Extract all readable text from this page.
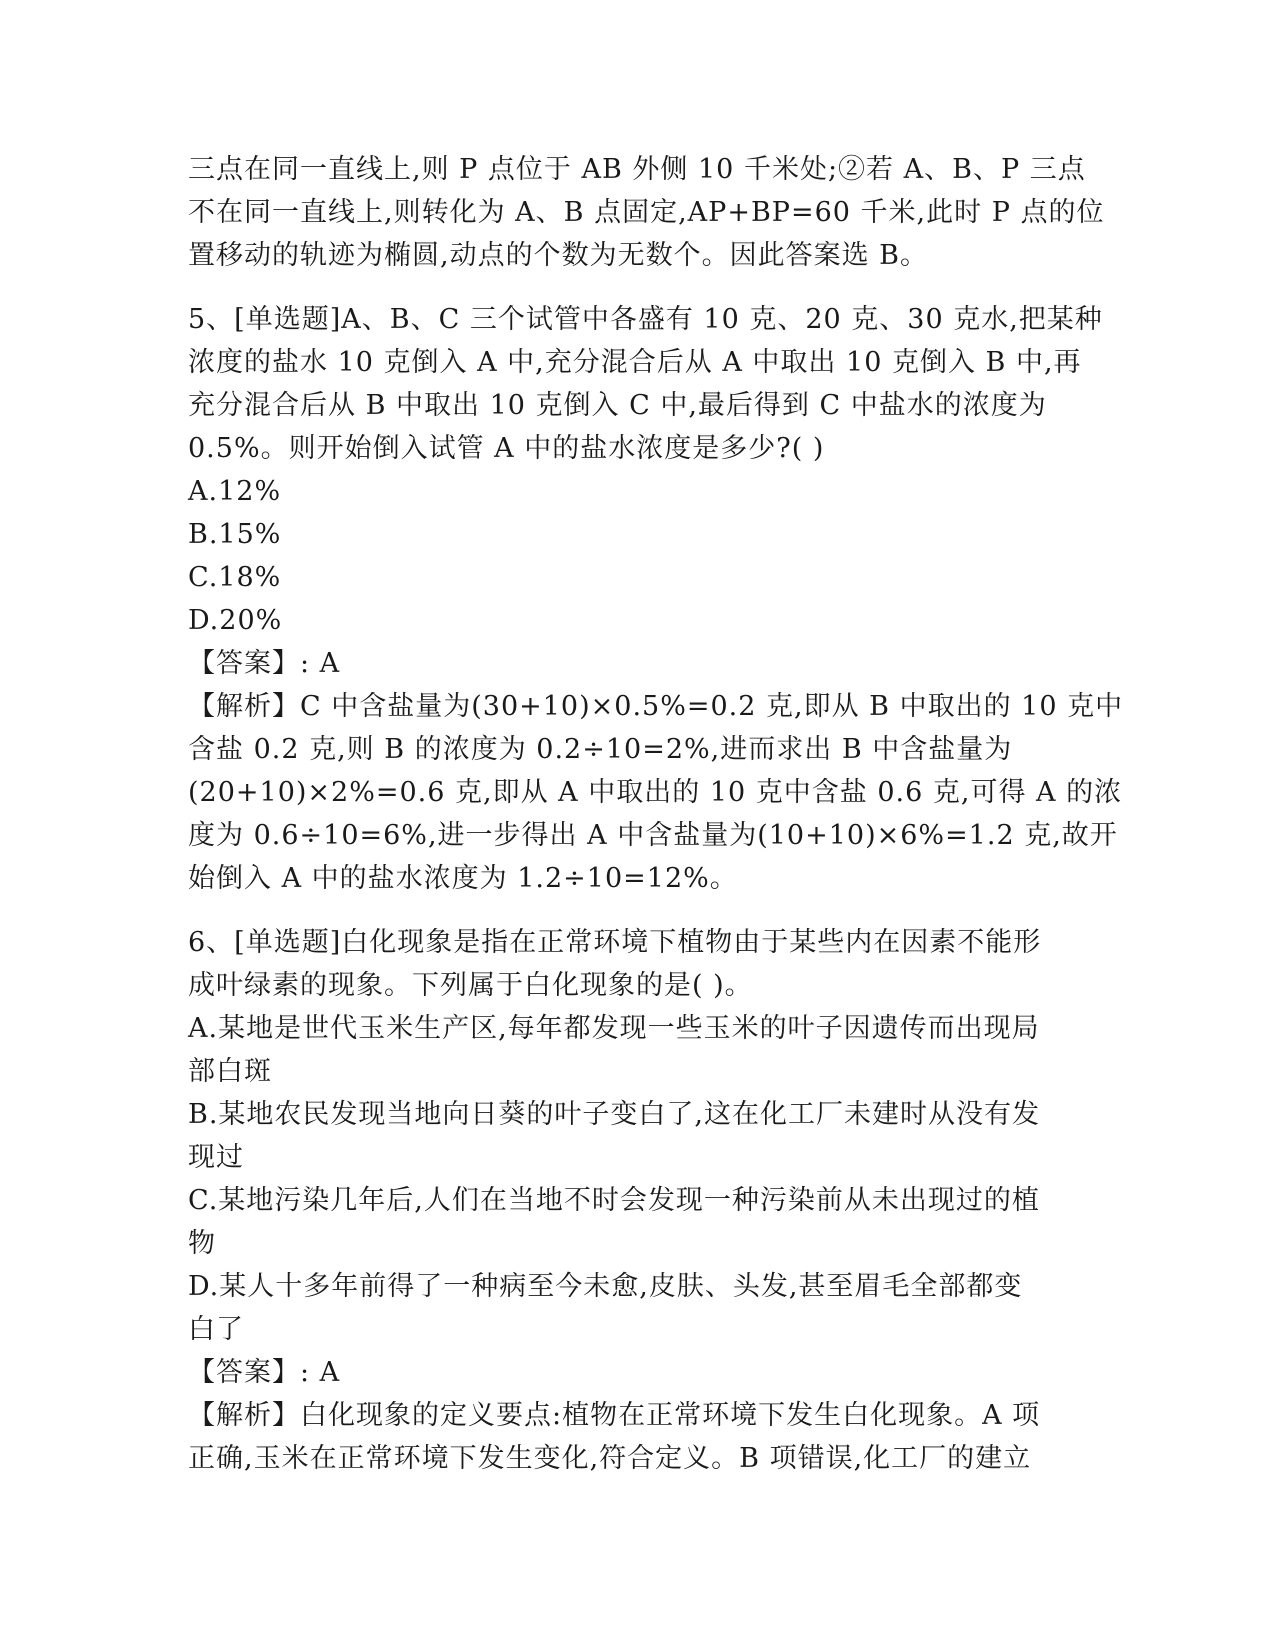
三点在同一直线上,则 P 点位于 AB 外侧 10 千米处;②若 A、B、P 三点
不在同一直线上,则转化为 A、B 点固定,AP+BP=60 千米,此时 P 点的位
置移动的轨迹为椭圆,动点的个数为无数个。因此答案选 B。
5、[单选题]A、B、C 三个试管中各盛有 10 克、20 克、30 克水,把某种
浓度的盐水 10 克倒入 A 中,充分混合后从 A 中取出 10 克倒入 B 中,再
充分混合后从 B 中取出 10 克倒入 C 中,最后得到 C 中盐水的浓度为
0.5%。则开始倒入试管 A 中的盐水浓度是多少?( )
A.12%
B.15%
C.18%
D.20%
【答案】: A
【解析】C 中含盐量为(30+10)×0.5%=0.2 克,即从 B 中取出的 10 克中
含盐 0.2 克,则 B 的浓度为 0.2÷10=2%,进而求出 B 中含盐量为
(20+10)×2%=0.6 克,即从 A 中取出的 10 克中含盐 0.6 克,可得 A 的浓
度为 0.6÷10=6%,进一步得出 A 中含盐量为(10+10)×6%=1.2 克,故开
始倒入 A 中的盐水浓度为 1.2÷10=12%。
6、[单选题]白化现象是指在正常环境下植物由于某些内在因素不能形
成叶绿素的现象。下列属于白化现象的是( )。
A.某地是世代玉米生产区,每年都发现一些玉米的叶子因遗传而出现局
部白斑
B.某地农民发现当地向日葵的叶子变白了,这在化工厂未建时从没有发
现过
C.某地污染几年后,人们在当地不时会发现一种污染前从未出现过的植
物
D.某人十多年前得了一种病至今未愈,皮肤、头发,甚至眉毛全部都变
白了
【答案】: A
【解析】白化现象的定义要点:植物在正常环境下发生白化现象。A 项
正确,玉米在正常环境下发生变化,符合定义。B 项错误,化工厂的建立
